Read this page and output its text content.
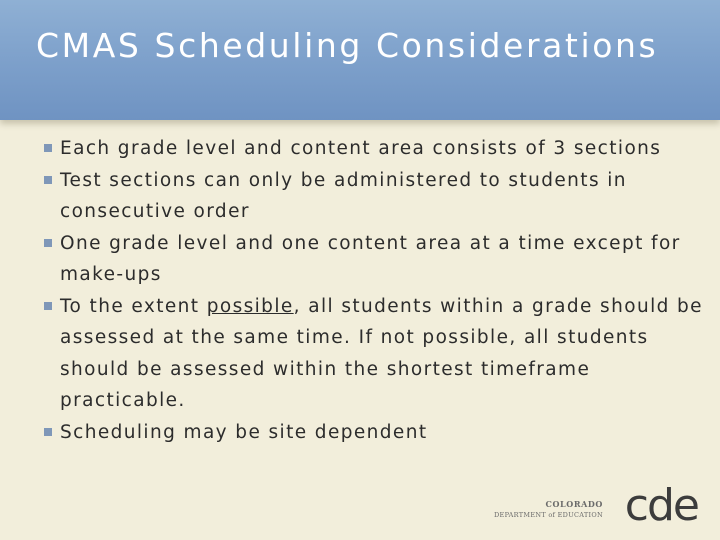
CMAS Scheduling Considerations
Each grade level and content area consists of 3 sections
Test sections can only be administered to students in consecutive order
One grade level and one content area at a time except for make-ups
To the extent possible, all students within a grade should be assessed at the same time. If not possible, all students should be assessed within the shortest timeframe practicable.
Scheduling may be site dependent
COLORADO
DEPARTMENT of EDUCATION cde
